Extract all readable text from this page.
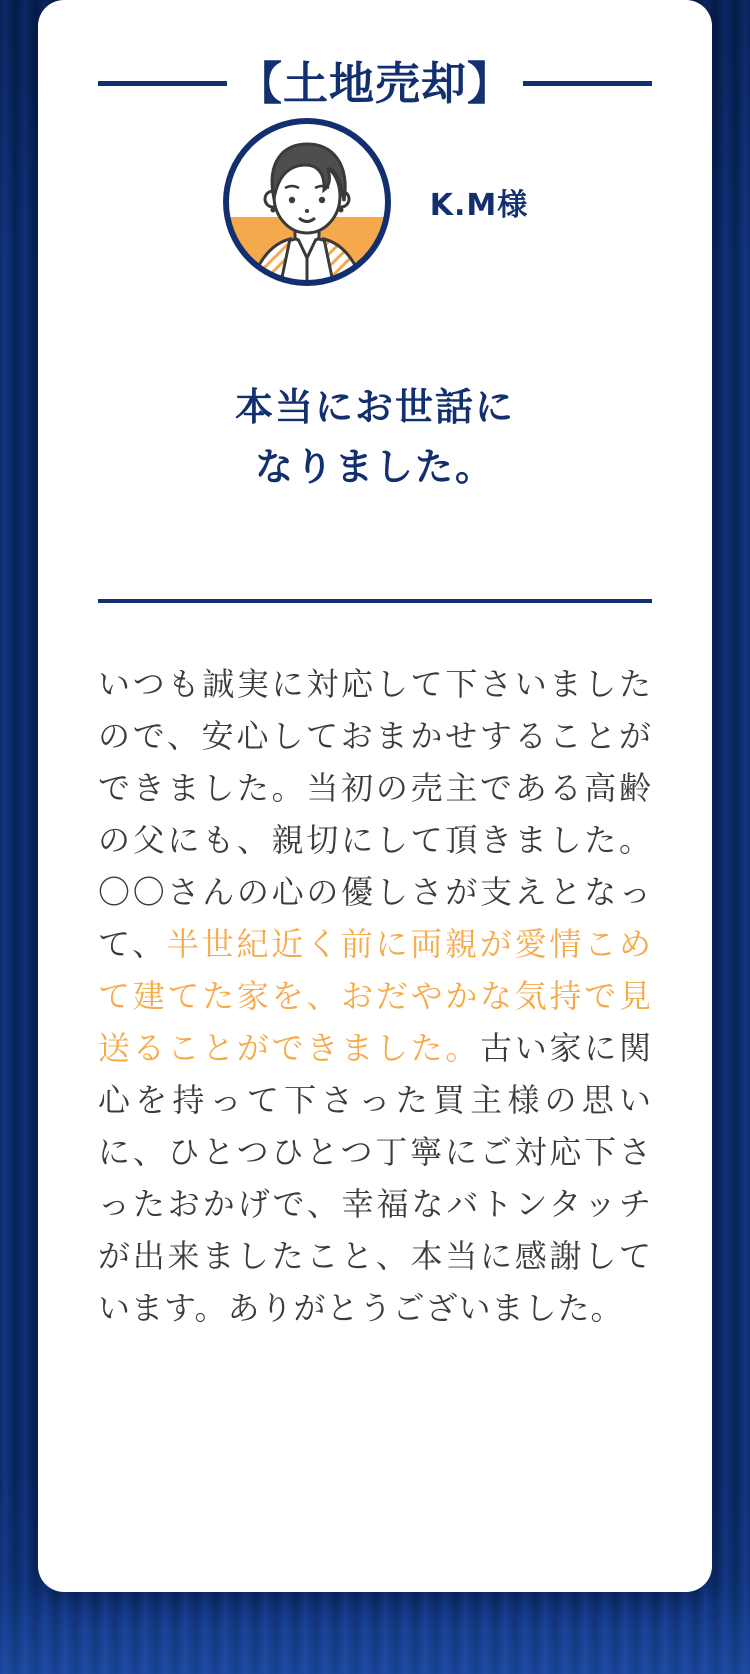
【土地売却】
K.M様
本当にお世話に
なりました。

いつも誠実に対応して下さいましたので、安心しておまかせすることができました。当初の売主である高齢の父にも、親切にして頂きました。〇〇さんの心の優しさが支えとなって、半世紀近く前に両親が愛情こめて建てた家を、おだやかな気持で見送ることができました。古い家に関心を持って下さった買主様の思いに、ひとつひとつ丁寧にご対応下さったおかげで、幸福なバトンタッチが出来ましたこと、本当に感謝しています。ありがとうございました。
